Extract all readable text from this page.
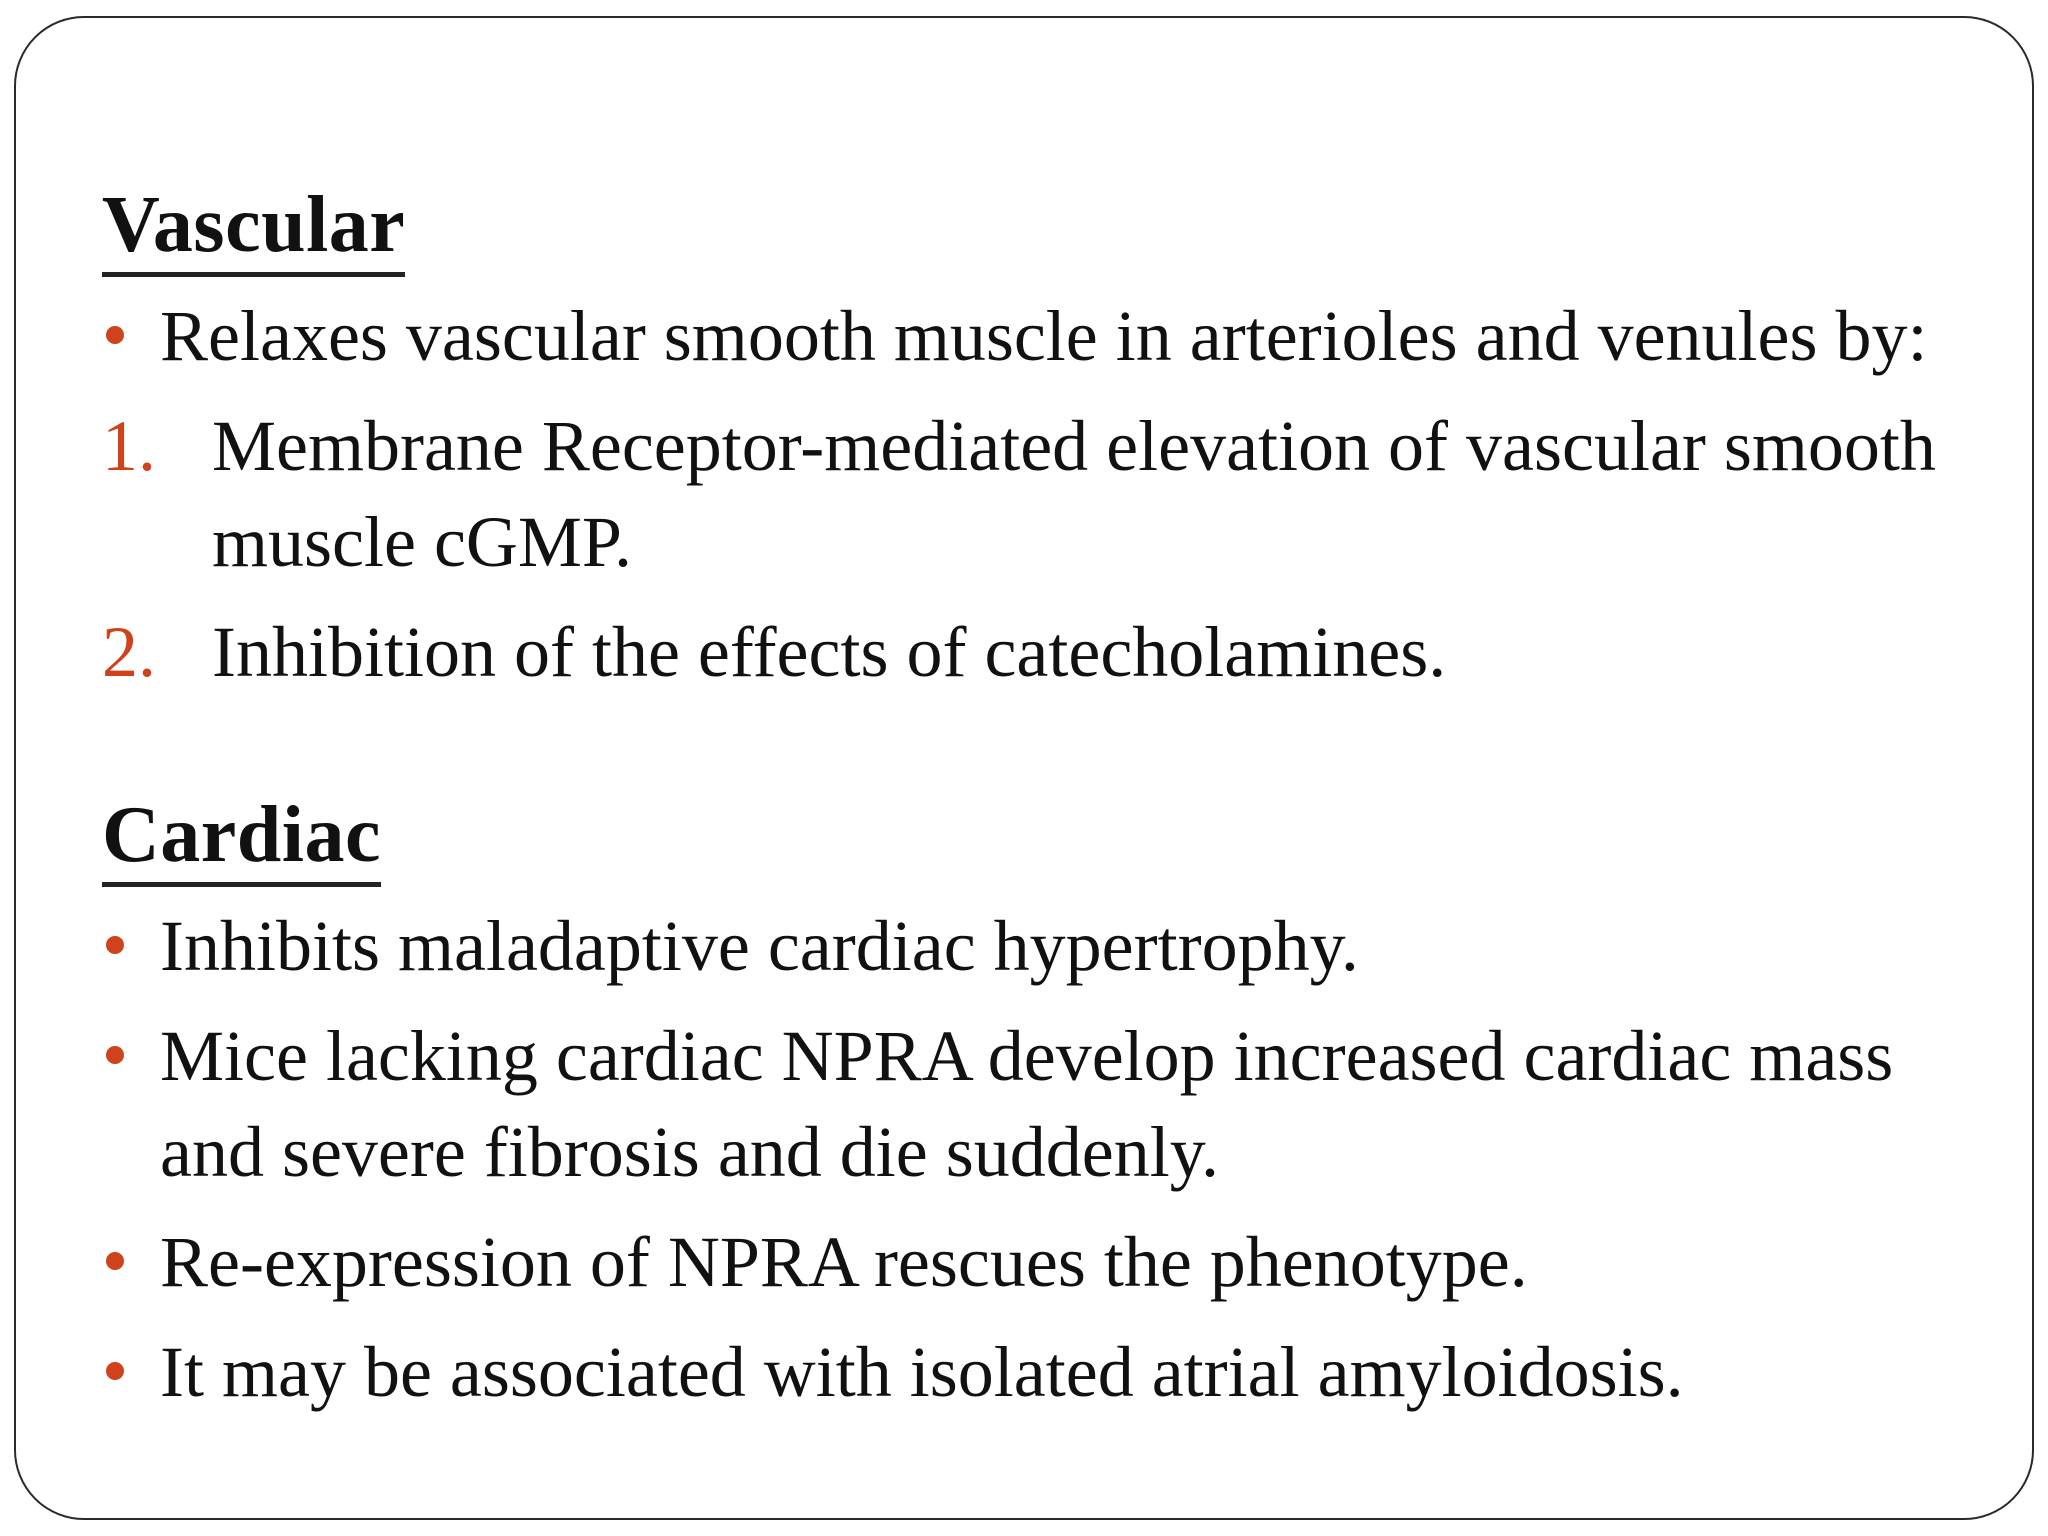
Vascular
Relaxes vascular smooth muscle in arterioles and venules by:
1. Membrane Receptor-mediated elevation of vascular smooth muscle cGMP.
2. Inhibition of the effects of catecholamines.
Cardiac
Inhibits maladaptive cardiac hypertrophy.
Mice lacking cardiac NPRA develop increased cardiac mass and severe fibrosis and die suddenly.
Re-expression of NPRA rescues the phenotype.
It may be associated with isolated atrial amyloidosis.
